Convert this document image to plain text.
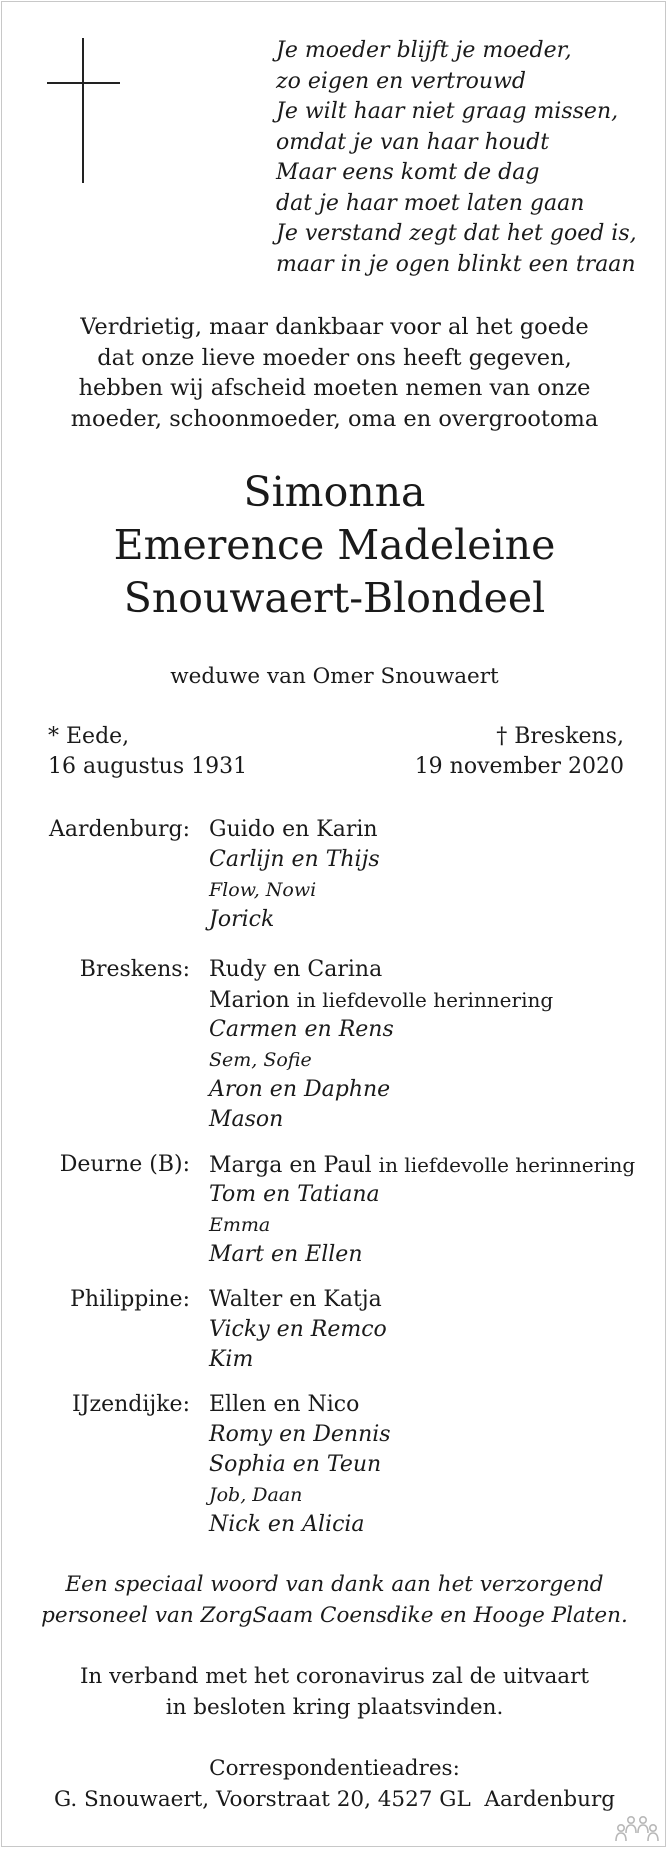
Je moeder blijft je moeder,
zo eigen en vertrouwd
Je wilt haar niet graag missen,
omdat je van haar houdt
Maar eens komt de dag
dat je haar moet laten gaan
Je verstand zegt dat het goed is,
maar in je ogen blinkt een traan
Verdrietig, maar dankbaar voor al het goede
dat onze lieve moeder ons heeft gegeven,
hebben wij afscheid moeten nemen van onze
moeder, schoonmoeder, oma en overgrootoma
Simonna
Emerence Madeleine
Snouwaert-Blondeel
weduwe van Omer Snouwaert
* Eede,
16 augustus 1931
† Breskens,
19 november 2020
Aardenburg: Guido en Karin
Carlijn en Thijs
Flow, Nowi
Jorick
Breskens: Rudy en Carina
Marion in liefdevolle herinnering
Carmen en Rens
Sem, Sofie
Aron en Daphne
Mason
Deurne (B): Marga en Paul in liefdevolle herinnering
Tom en Tatiana
Emma
Mart en Ellen
Philippine: Walter en Katja
Vicky en Remco
Kim
IJzendijke: Ellen en Nico
Romy en Dennis
Sophia en Teun
Job, Daan
Nick en Alicia
Een speciaal woord van dank aan het verzorgend
personeel van ZorgSaam Coensdike en Hooge Platen.
In verband met het coronavirus zal de uitvaart
in besloten kring plaatsvinden.
Correspondentieadres:
G. Snouwaert, Voorstraat 20, 4527 GL  Aardenburg
